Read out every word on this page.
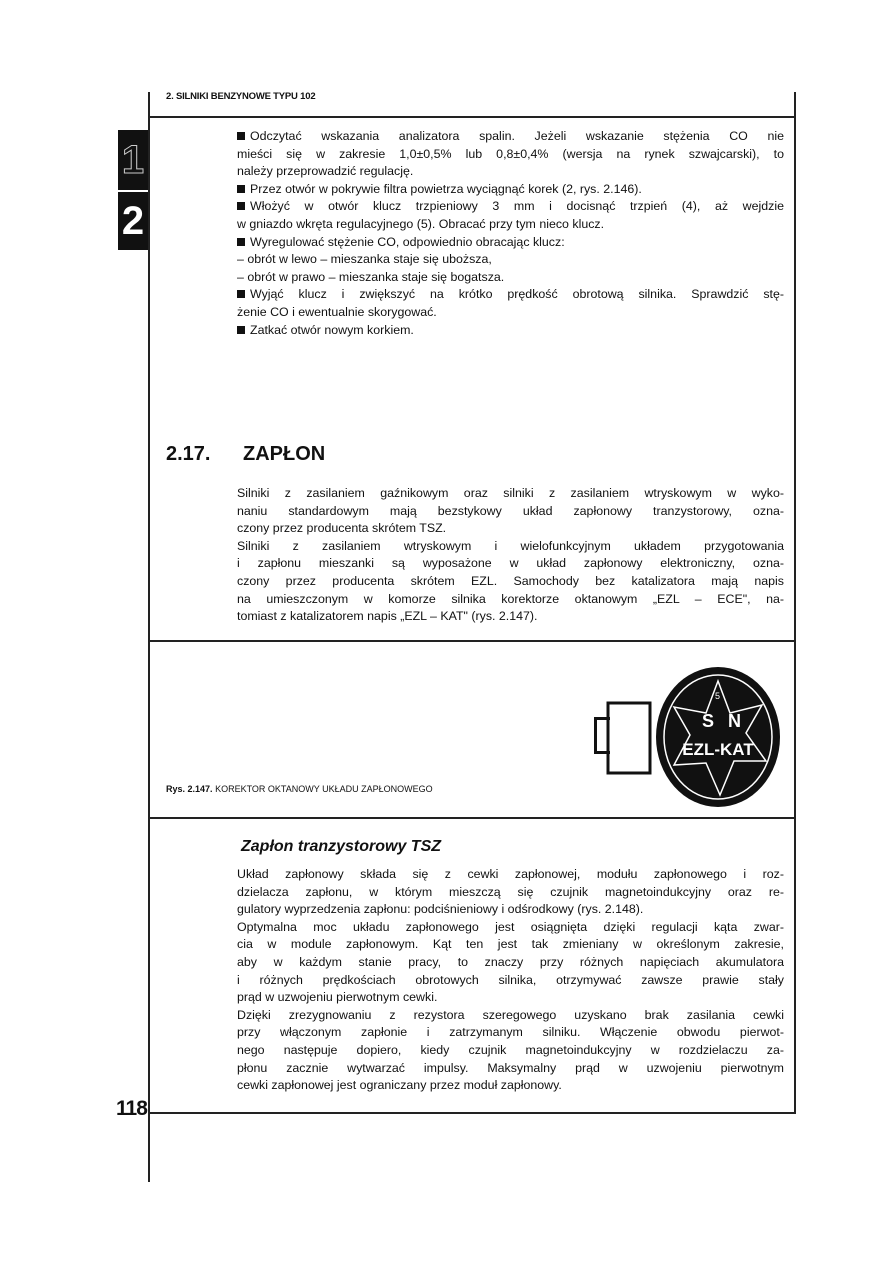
2. SILNIKI BENZYNOWE TYPU 102
1
2
Odczytać wskazania analizatora spalin. Jeżeli wskazanie stężenia CO nie
mieści się w zakresie 1,0±0,5% lub 0,8±0,4% (wersja na rynek szwajcarski), to
należy przeprowadzić regulację.
Przez otwór w pokrywie filtra powietrza wyciągnąć korek (2, rys. 2.146).
Włożyć w otwór klucz trzpieniowy 3 mm i docisnąć trzpień (4), aż wejdzie
w gniazdo wkręta regulacyjnego (5). Obracać przy tym nieco klucz.
Wyregulować stężenie CO, odpowiednio obracając klucz:
– obrót w lewo – mieszanka staje się uboższa,
– obrót w prawo – mieszanka staje się bogatsza.
Wyjąć klucz i zwiększyć na krótko prędkość obrotową silnika. Sprawdzić stę-
żenie CO i ewentualnie skorygować.
Zatkać otwór nowym korkiem.
2.17. ZAPŁON
Silniki z zasilaniem gaźnikowym oraz silniki z zasilaniem wtryskowym w wyko-
naniu standardowym mają bezstykowy układ zapłonowy tranzystorowy, ozna-
czony przez producenta skrótem TSZ.
Silniki z zasilaniem wtryskowym i wielofunkcyjnym układem przygotowania
i zapłonu mieszanki są wyposażone w układ zapłonowy elektroniczny, ozna-
czony przez producenta skrótem EZL. Samochody bez katalizatora mają napis
na umieszczonym w komorze silnika korektorze oktanowym „EZL – ECE", na-
tomiast z katalizatorem napis „EZL – KAT" (rys. 2.147).
S N
5
EZL-KAT
Rys. 2.147. KOREKTOR OKTANOWY UKŁADU ZAPŁONOWEGO
Zapłon tranzystorowy TSZ
Układ zapłonowy składa się z cewki zapłonowej, modułu zapłonowego i roz-
dzielacza zapłonu, w którym mieszczą się czujnik magnetoindukcyjny oraz re-
gulatory wyprzedzenia zapłonu: podciśnieniowy i odśrodkowy (rys. 2.148).
Optymalna moc układu zapłonowego jest osiągnięta dzięki regulacji kąta zwar-
cia w module zapłonowym. Kąt ten jest tak zmieniany w określonym zakresie,
aby w każdym stanie pracy, to znaczy przy różnych napięciach akumulatora
i różnych prędkościach obrotowych silnika, otrzymywać zawsze prawie stały
prąd w uzwojeniu pierwotnym cewki.
Dzięki zrezygnowaniu z rezystora szeregowego uzyskano brak zasilania cewki
przy włączonym zapłonie i zatrzymanym silniku. Włączenie obwodu pierwot-
nego następuje dopiero, kiedy czujnik magnetoindukcyjny w rozdzielaczu za-
płonu zacznie wytwarzać impulsy. Maksymalny prąd w uzwojeniu pierwotnym
cewki zapłonowej jest ograniczany przez moduł zapłonowy.
118
